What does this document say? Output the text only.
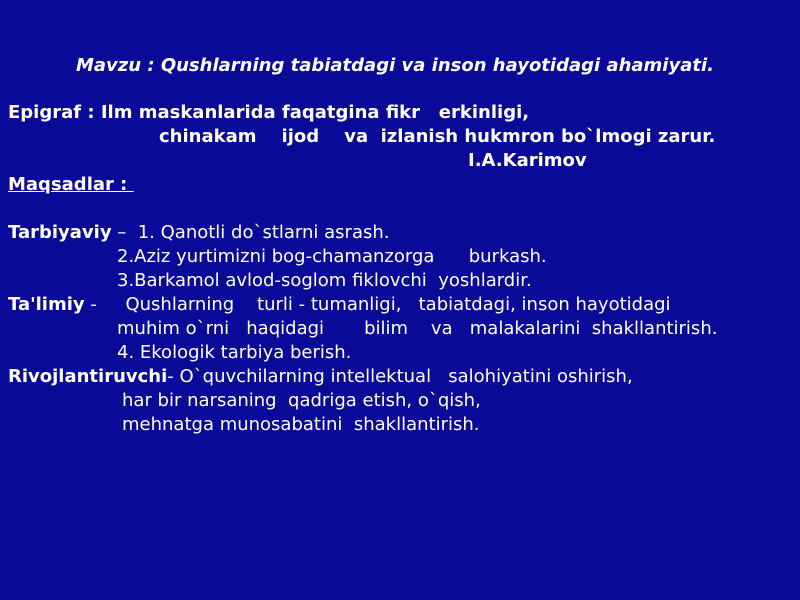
Mavzu : Qushlarning tabiatdagi va inson hayotidagi ahamiyati.
Epigraf : Ilm maskanlarida faqatgina fikr   erkinligi,
chinakam    ijod    va  izlanish hukmron bo`lmogi zarur.
I.A.Karimov
Maqsadlar :
Tarbiyaviy –  1. Qanotli do`stlarni asrash.
2.Aziz yurtimizni bog-chamanzorga      burkash.
3.Barkamol avlod-soglom fiklovchi  yoshlardir.
Ta'limiy -     Qushlarning    turli - tumanligi,   tabiatdagi, inson hayotidagi
muhim o`rni   haqidagi       bilim    va   malakalarini  shakllantirish.
4. Ekologik tarbiya berish.
Rivojlantiruvchi- O`quvchilarning intellektual   salohiyatini oshirish,
har bir narsaning  qadriga etish, o`qish,
mehnatga munosabatini  shakllantirish.
